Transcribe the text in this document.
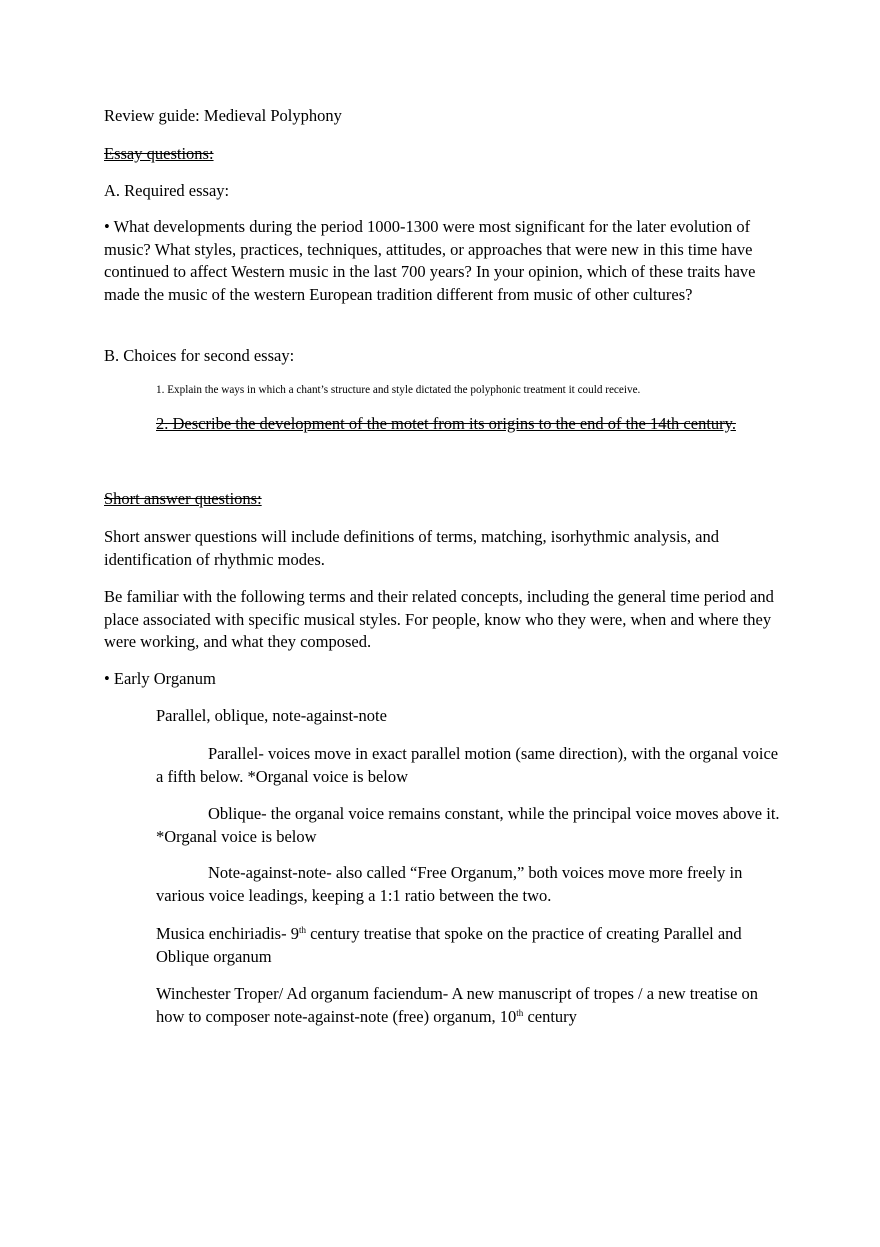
Review guide: Medieval Polyphony

Essay questions:

A. Required essay:

• What developments during the period 1000-1300 were most significant for the later evolution of music? What styles, practices, techniques, attitudes, or approaches that were new in this time have continued to affect Western music in the last 700 years? In your opinion, which of these traits have made the music of the western European tradition different from music of other cultures?

B. Choices for second essay:

1. Explain the ways in which a chant’s structure and style dictated the polyphonic treatment it could receive.

2. Describe the development of the motet from its origins to the end of the 14th century.

Short answer questions:

Short answer questions will include definitions of terms, matching, isorhythmic analysis, and identification of rhythmic modes.

Be familiar with the following terms and their related concepts, including the general time period and place associated with specific musical styles. For people, know who they were, when and where they were working, and what they composed.

• Early Organum

Parallel, oblique, note-against-note

Parallel- voices move in exact parallel motion (same direction), with the organal voice a fifth below. *Organal voice is below

Oblique- the organal voice remains constant, while the principal voice moves above it. *Organal voice is below

Note-against-note- also called “Free Organum,” both voices move more freely in various voice leadings, keeping a 1:1 ratio between the two.

Musica enchiriadis- 9th century treatise that spoke on the practice of creating Parallel and Oblique organum

Winchester Troper/ Ad organum faciendum- A new manuscript of tropes / a new treatise on how to composer note-against-note (free) organum, 10th century
